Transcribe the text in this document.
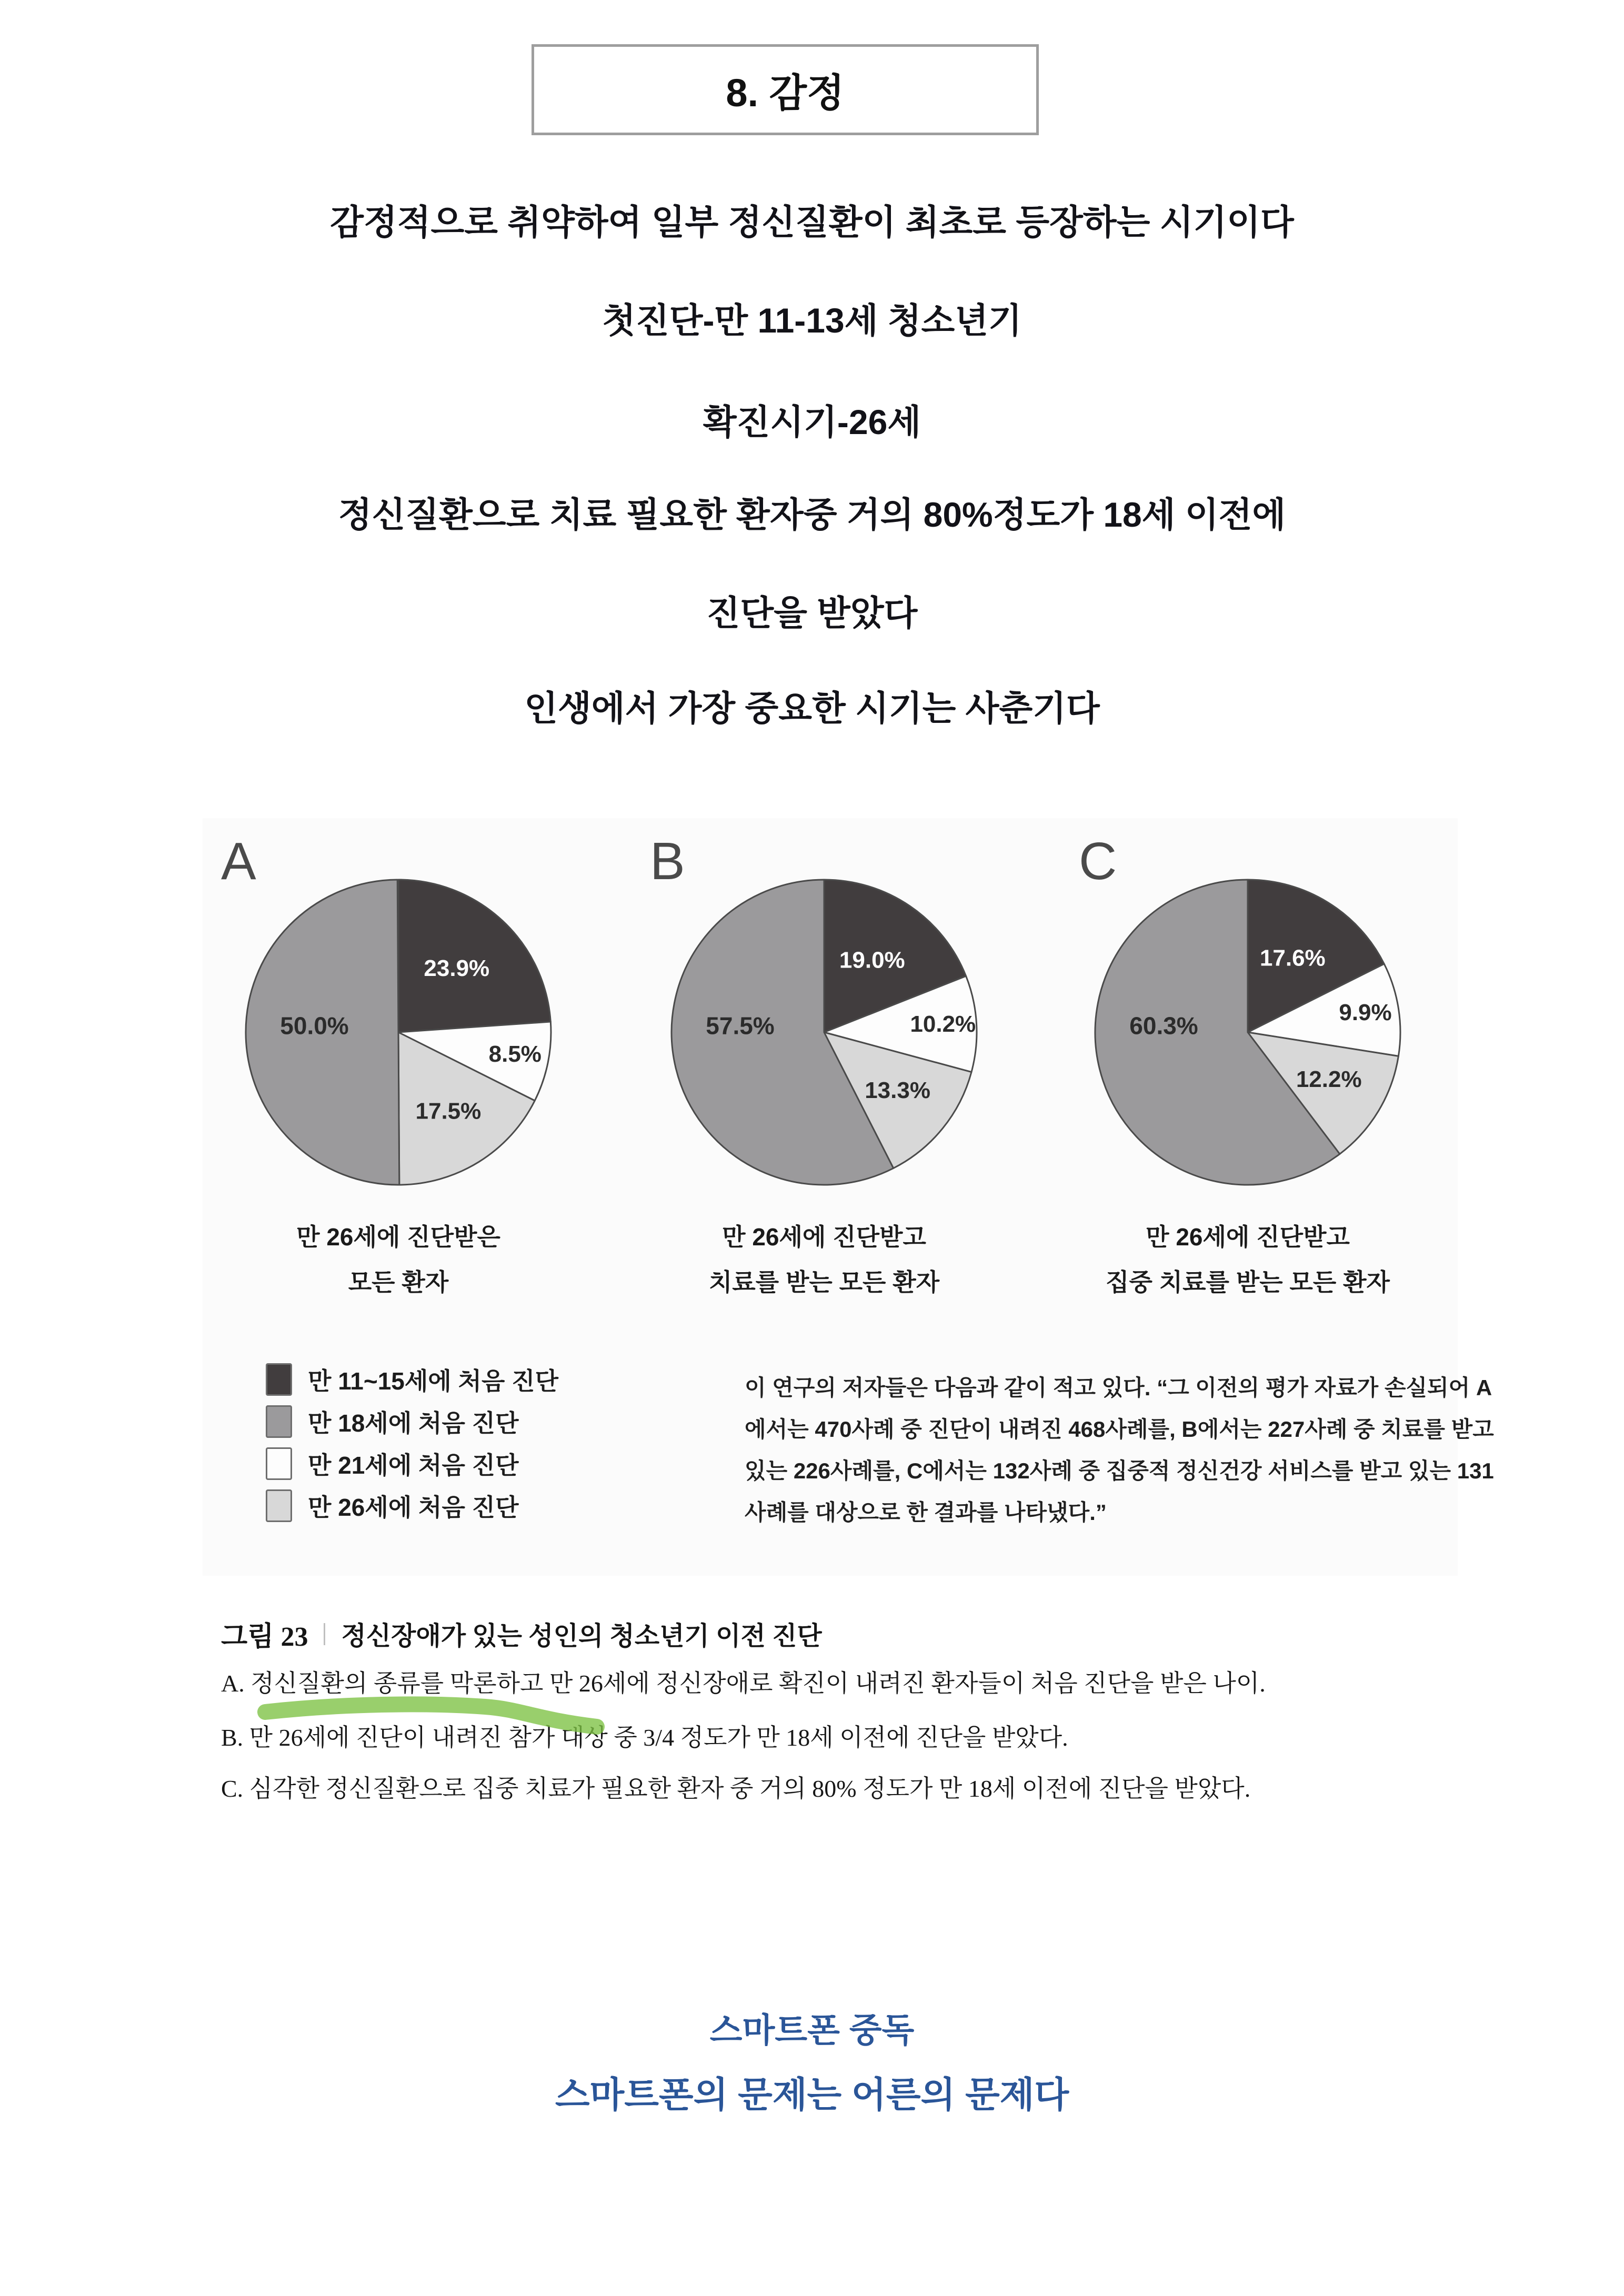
8. 감정
감정적으로 취약하여 일부 정신질환이 최초로 등장하는 시기이다
첫진단-만 11-13세 청소년기
확진시기-26세
정신질환으로 치료 필요한 환자중 거의 80%정도가 18세 이전에
진단을 받았다
인생에서 가장 중요한 시기는 사춘기다
A	B	C
23.9%
8.5%
17.5%
50.0%
19.0%
10.2%
13.3%
57.5%
17.6%
9.9%
12.2%
60.3%
만 26세에 진단받은
모든 환자
만 26세에 진단받고
치료를 받는 모든 환자
만 26세에 진단받고
집중 치료를 받는 모든 환자
만 11~15세에 처음 진단
만 18세에 처음 진단
만 21세에 처음 진단
만 26세에 처음 진단
이 연구의 저자들은 다음과 같이 적고 있다. “그 이전의 평가 자료가 손실되어 A
에서는 470사례 중 진단이 내려진 468사례를, B에서는 227사례 중 치료를 받고
있는 226사례를, C에서는 132사례 중 집중적 정신건강 서비스를 받고 있는 131
사례를 대상으로 한 결과를 나타냈다.”
그림 23 정신장애가 있는 성인의 청소년기 이전 진단
A. 정신질환의 종류를 막론하고 만 26세에 정신장애로 확진이 내려진 환자들이 처음 진단을 받은 나이.
B. 만 26세에 진단이 내려진 참가 대상 중 3/4 정도가 만 18세 이전에 진단을 받았다.
C. 심각한 정신질환으로 집중 치료가 필요한 환자 중 거의 80% 정도가 만 18세 이전에 진단을 받았다.
스마트폰 중독
스마트폰의 문제는 어른의 문제다
